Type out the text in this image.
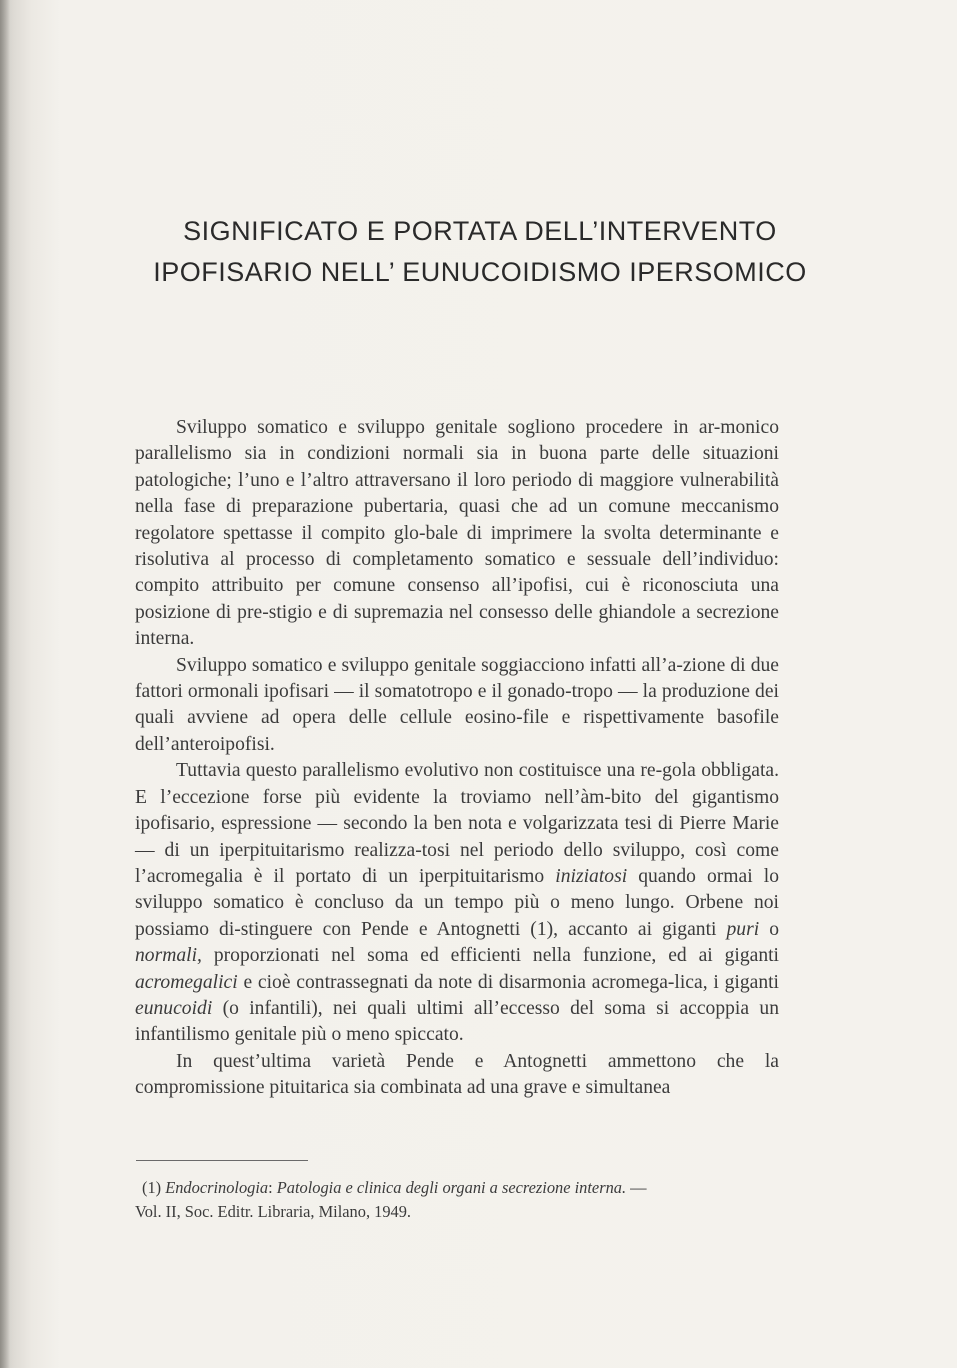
SIGNIFICATO E PORTATA DELL’INTERVENTO
IPOFISARIO NELL’ EUNUCOIDISMO IPERSOMICO

Sviluppo somatico e sviluppo genitale sogliono procedere in ar-monico parallelismo sia in condizioni normali sia in buona parte delle situazioni patologiche; l’uno e l’altro attraversano il loro periodo di maggiore vulnerabilità nella fase di preparazione pubertaria, quasi che ad un comune meccanismo regolatore spettasse il compito glo-bale di imprimere la svolta determinante e risolutiva al processo di completamento somatico e sessuale dell’individuo: compito attribuito per comune consenso all’ipofisi, cui è riconosciuta una posizione di pre-stigio e di supremazia nel consesso delle ghiandole a secrezione interna.

Sviluppo somatico e sviluppo genitale soggiacciono infatti all’a-zione di due fattori ormonali ipofisari — il somatotropo e il gonado-tropo — la produzione dei quali avviene ad opera delle cellule eosino-file e rispettivamente basofile dell’anteroipofisi.

Tuttavia questo parallelismo evolutivo non costituisce una re-gola obbligata. E l’eccezione forse più evidente la troviamo nell’àm-bito del gigantismo ipofisario, espressione — secondo la ben nota e volgarizzata tesi di Pierre Marie — di un iperpituitarismo realizza-tosi nel periodo dello sviluppo, così come l’acromegalia è il portato di un iperpituitarismo iniziatosi quando ormai lo sviluppo somatico è concluso da un tempo più o meno lungo. Orbene noi possiamo di-stinguere con Pende e Antognetti (1), accanto ai giganti puri o normali, proporzionati nel soma ed efficienti nella funzione, ed ai giganti acromegalici e cioè contrassegnati da note di disarmonia acromega-lica, i giganti eunucoidi (o infantili), nei quali ultimi all’eccesso del soma si accoppia un infantilismo genitale più o meno spiccato.

In quest’ultima varietà Pende e Antognetti ammettono che la compromissione pituitarica sia combinata ad una grave e simultanea

(1) Endocrinologia: Patologia e clinica degli organi a secrezione interna. —
Vol. II, Soc. Editr. Libraria, Milano, 1949.
